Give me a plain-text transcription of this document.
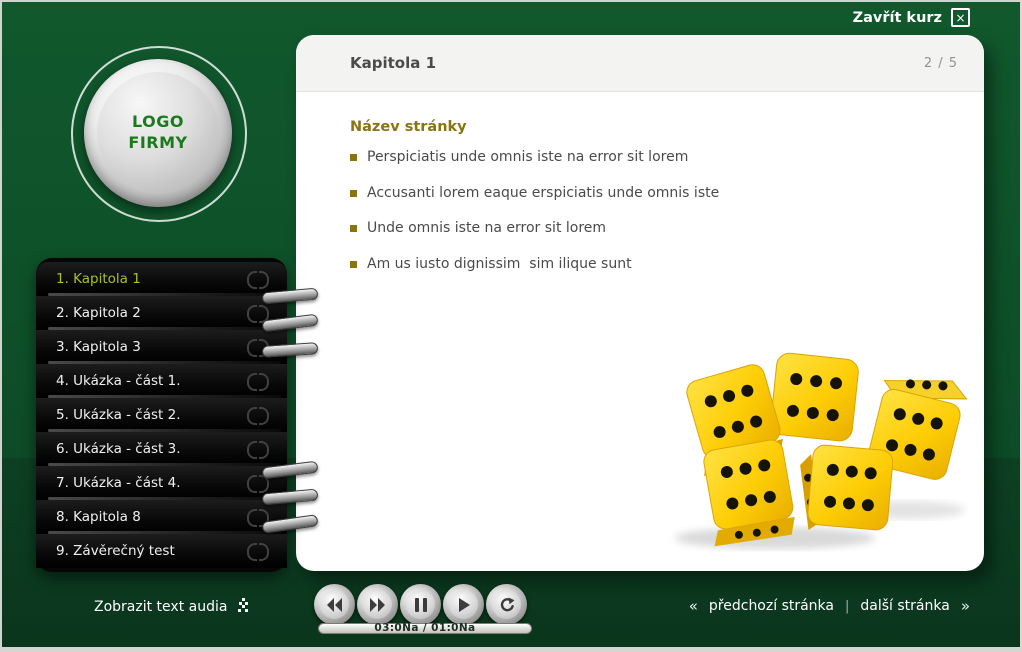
Zavřít kurz	×
LOGO
FIRMY
1. Kapitola 1
2. Kapitola 2
3. Kapitola 3
4. Ukázka - část 1.
5. Ukázka - část 2.
6. Ukázka - část 3.
7. Ukázka - část 4.
8. Kapitola 8
9. Závěrečný test
Kapitola 1	2 / 5
Název stránky
Perspiciatis unde omnis iste na error sit lorem
Accusanti lorem eaque erspiciatis unde omnis iste
Unde omnis iste na error sit lorem
Am us iusto dignissim  sim ilique sunt
03:0Na / 01:0Na
Zobrazit text audia	« předchozí stránka | další stránka »
